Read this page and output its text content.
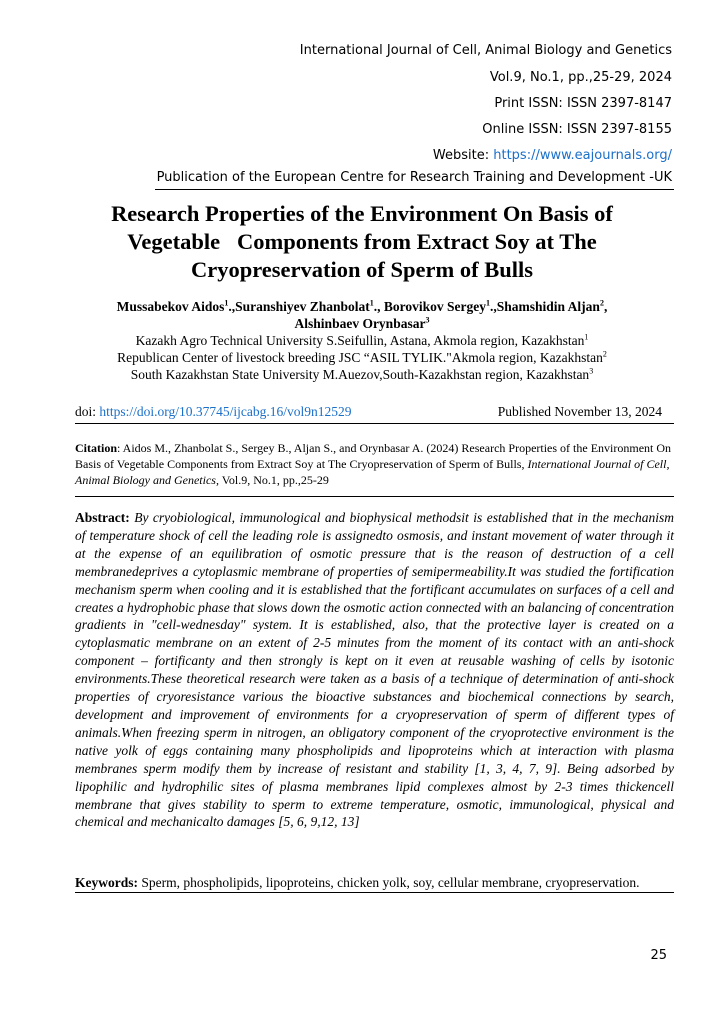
International Journal of Cell, Animal Biology and Genetics
Vol.9, No.1, pp.,25-29, 2024
Print ISSN: ISSN 2397-8147
Online ISSN: ISSN 2397-8155
Website: https://www.eajournals.org/
Publication of the European Centre for Research Training and Development -UK
Research Properties of the Environment On Basis of
Vegetable   Components from Extract Soy at The
Cryopreservation of Sperm of Bulls
Mussabekov Aidos$^1$.,Suranshiyev Zhanbolat$^1$., Borovikov Sergey$^1$.,Shamshidin Aljan$^2$,
Alshinbaev Orynbasar$^3$
Kazakh Agro Technical University S.Seifullin, Astana, Akmola region, Kazakhstan$^1$
Republican Center of livestock breeding JSC “ASIL TYLIK."Akmola region, Kazakhstan$^2$
South Kazakhstan State University M.Auezov,South-Kazakhstan region, Kazakhstan$^3$
doi: https://doi.org/10.37745/ijcabg.16/vol9n12529	Published November 13, 2024
Citation: Aidos M., Zhanbolat S., Sergey B., Aljan S., and Orynbasar A. (2024) Research Properties of the Environment On Basis of Vegetable Components from Extract Soy at The Cryopreservation of Sperm of Bulls, International Journal of Cell, Animal Biology and Genetics, Vol.9, No.1, pp.,25-29
Abstract: By cryobiological, immunological and biophysical methodsit is established that in the mechanism of temperature shock of cell the leading role is assignedto osmosis, and instant movement of water through it at the expense of an equilibration of osmotic pressure that is the reason of destruction of a cell membranedeprives a cytoplasmic membrane of properties of semipermeability.It was studied the fortification mechanism sperm when cooling and it is established that the fortificant accumulates on surfaces of a cell and creates a hydrophobic phase that slows down the osmotic action connected with an balancing of concentration gradients in "cell-wednesday" system. It is established, also, that the protective layer is created on a cytoplasmatic membrane on an extent of 2-5 minutes from the moment of its contact with an anti-shock component – fortificanty and then strongly is kept on it even at reusable washing of cells by isotonic environments.These theoretical research were taken as a basis of a technique of determination of anti-shock properties of cryoresistance various the bioactive substances and biochemical connections by search, development and improvement of environments for a cryopreservation of sperm of different types of animals.When freezing sperm in nitrogen, an obligatory component of the cryoprotective environment is the native yolk of eggs containing many phospholipids and lipoproteins which at interaction with plasma membranes sperm modify them by increase of resistant and stability [1, 3, 4, 7, 9]. Being adsorbed by lipophilic and hydrophilic sites of plasma membranes lipid complexes almost by 2-3 times thickencell membrane that gives stability to sperm to extreme temperature, osmotic, immunological, physical and chemical and mechanicalto damages [5, 6, 9,12, 13]
Keywords: Sperm, phospholipids, lipoproteins, chicken yolk, soy, cellular membrane, cryopreservation.
25
